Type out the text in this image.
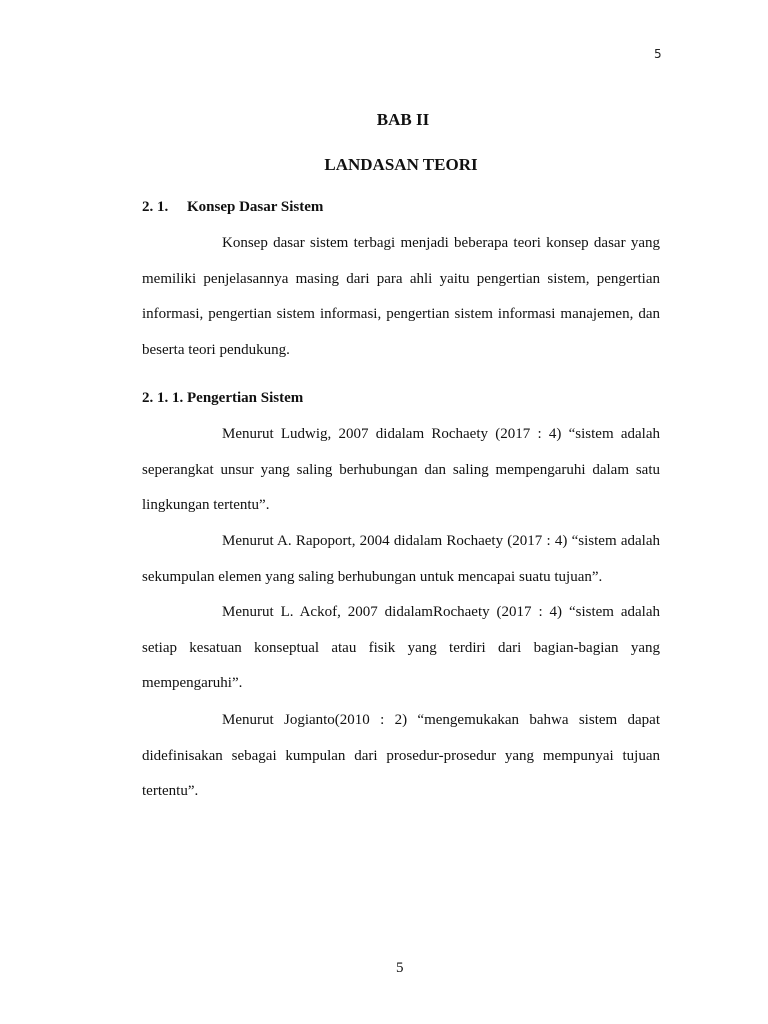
5
BAB II
LANDASAN TEORI
2. 1. Konsep Dasar Sistem

Konsep dasar sistem terbagi menjadi beberapa teori konsep dasar yang memiliki penjelasannya masing dari para ahli yaitu pengertian sistem, pengertian informasi, pengertian sistem informasi, pengertian sistem informasi manajemen, dan beserta teori pendukung.

2. 1. 1. Pengertian Sistem

Menurut Ludwig, 2007 didalam Rochaety (2017 : 4) “sistem adalah seperangkat unsur yang saling berhubungan dan saling mempengaruhi dalam satu lingkungan tertentu”.

Menurut A. Rapoport, 2004 didalam Rochaety (2017 : 4) “sistem adalah sekumpulan elemen yang saling berhubungan untuk mencapai suatu tujuan”.

Menurut L. Ackof, 2007 didalamRochaety (2017 : 4) “sistem adalah setiap kesatuan konseptual atau fisik yang terdiri dari bagian-bagian yang mempengaruhi”.

Menurut Jogianto(2010 : 2) “mengemukakan bahwa sistem dapat didefinisakan sebagai kumpulan dari prosedur-prosedur yang mempunyai tujuan tertentu”.

5
